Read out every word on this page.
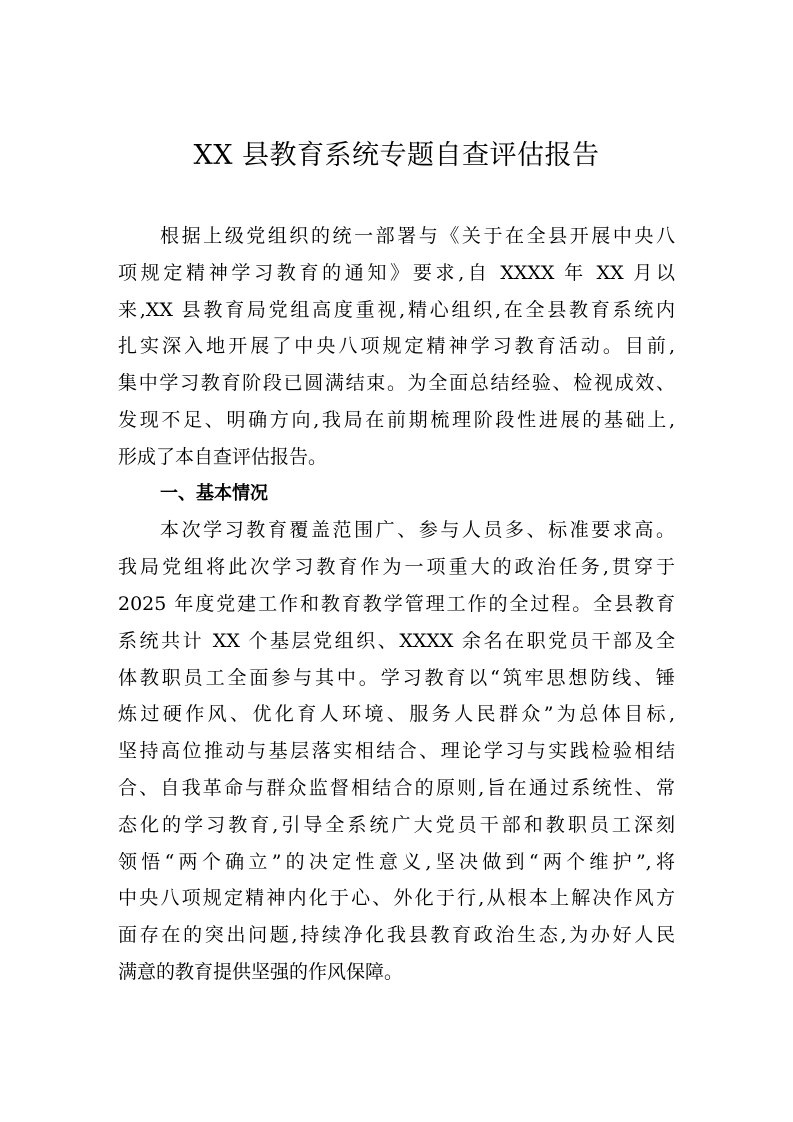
XX 县教育系统专题自查评估报告
根据上级党组织的统一部署与《关于在全县开展中央八
项规定精神学习教育的通知》要求,自 XXXX 年 XX 月以
来,XX 县教育局党组高度重视,精心组织,在全县教育系统内
扎实深入地开展了中央八项规定精神学习教育活动。目前,
集中学习教育阶段已圆满结束。为全面总结经验、检视成效、
发现不足、明确方向,我局在前期梳理阶段性进展的基础上,
形成了本自查评估报告。
一、基本情况
本次学习教育覆盖范围广、参与人员多、标准要求高。
我局党组将此次学习教育作为一项重大的政治任务,贯穿于
2025 年度党建工作和教育教学管理工作的全过程。全县教育
系统共计 XX 个基层党组织、XXXX 余名在职党员干部及全
体教职员工全面参与其中。学习教育以“筑牢思想防线、锤
炼过硬作风、优化育人环境、服务人民群众”为总体目标,
坚持高位推动与基层落实相结合、理论学习与实践检验相结
合、自我革命与群众监督相结合的原则,旨在通过系统性、常
态化的学习教育,引导全系统广大党员干部和教职员工深刻
领悟“两个确立”的决定性意义,坚决做到“两个维护”,将
中央八项规定精神内化于心、外化于行,从根本上解决作风方
面存在的突出问题,持续净化我县教育政治生态,为办好人民
满意的教育提供坚强的作风保障。
